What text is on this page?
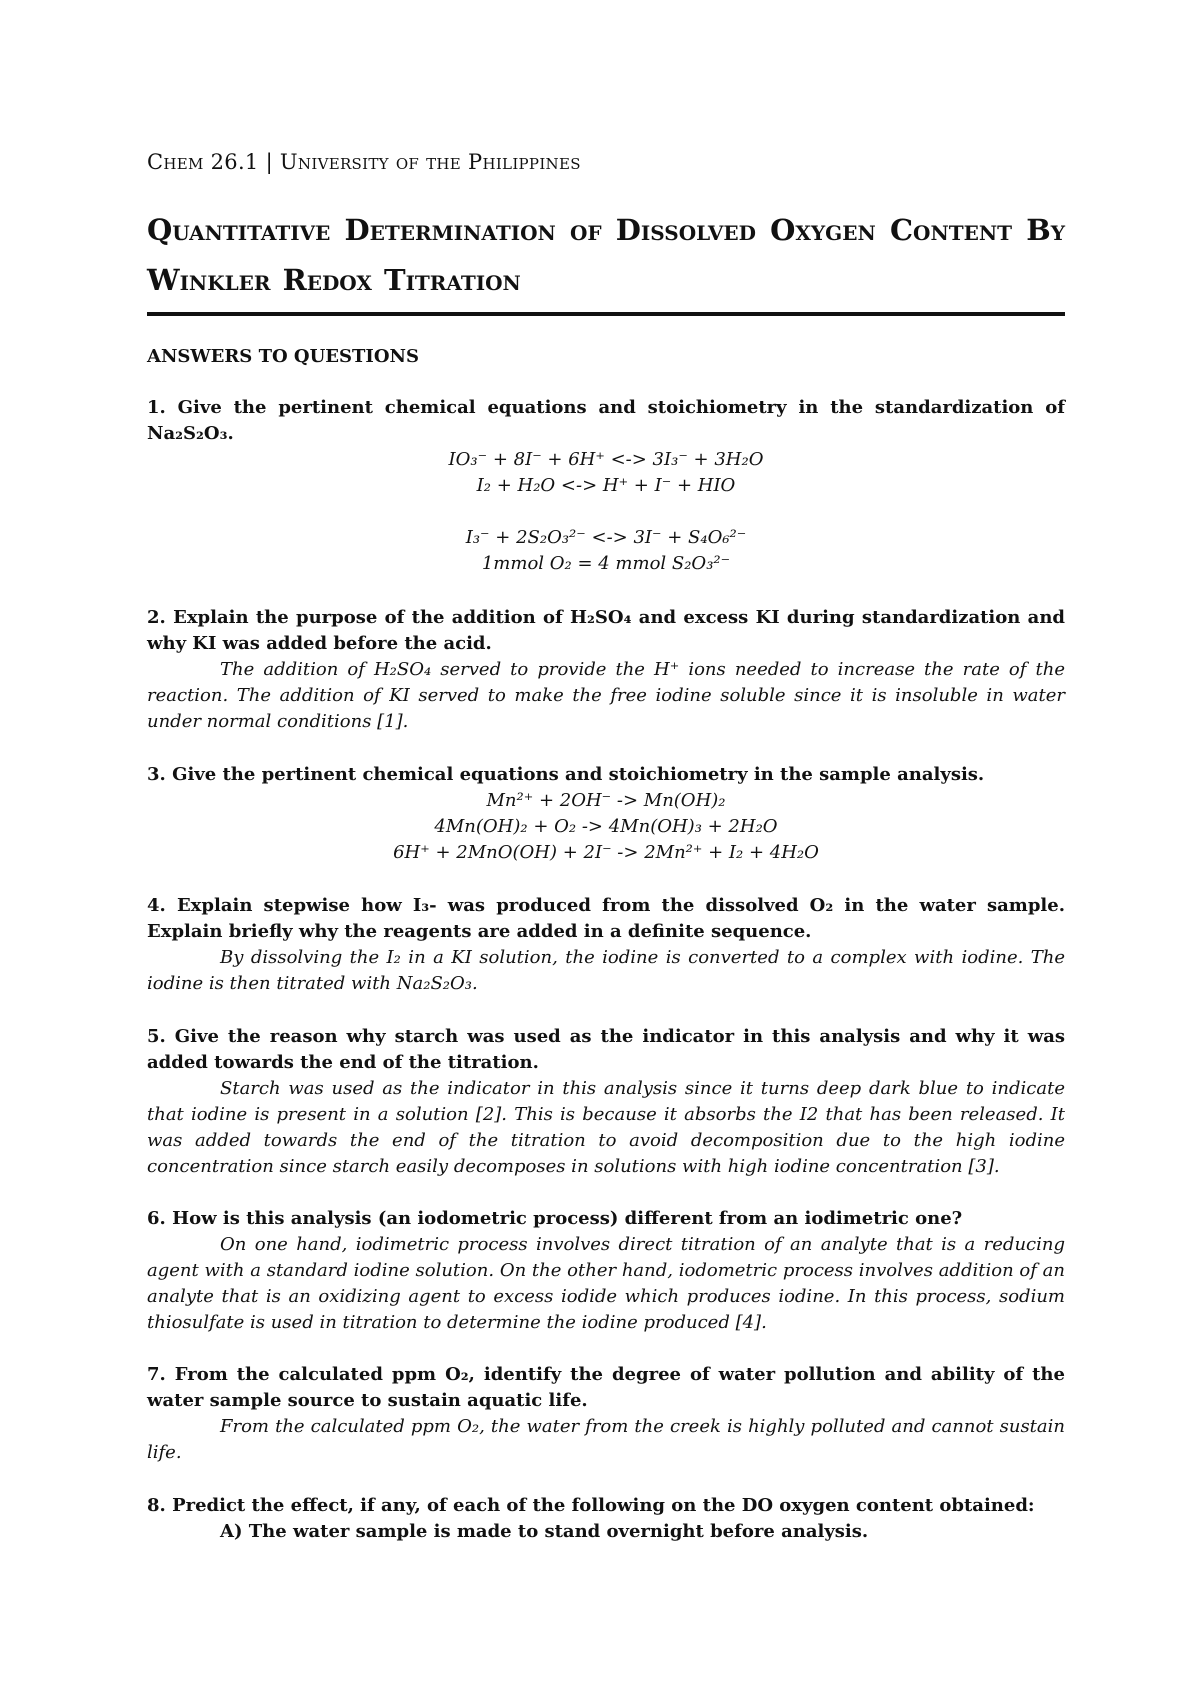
Chem 26.1 | University of the Philippines

Quantitative Determination of Dissolved Oxygen Content By Winkler Redox Titration

ANSWERS TO QUESTIONS

1. Give the pertinent chemical equations and stoichiometry in the standardization of Na₂S₂O₃.

IO₃⁻ + 8I⁻ + 6H⁺ <-> 3I₃⁻ + 3H₂O

I₂ + H₂O <-> H⁺ + I⁻ + HIO

I₃⁻ + 2S₂O₃²⁻ <-> 3I⁻ + S₄O₆²⁻

1mmol O₂ = 4 mmol S₂O₃²⁻

2. Explain the purpose of the addition of H₂SO₄ and excess KI during standardization and why KI was added before the acid.

The addition of H₂SO₄ served to provide the H⁺ ions needed to increase the rate of the reaction. The addition of KI served to make the free iodine soluble since it is insoluble in water under normal conditions [1].

3. Give the pertinent chemical equations and stoichiometry in the sample analysis.

Mn²⁺ + 2OH⁻ -> Mn(OH)₂

4Mn(OH)₂ + O₂ -> 4Mn(OH)₃ + 2H₂O

6H⁺ + 2MnO(OH) + 2I⁻ -> 2Mn²⁺ + I₂ + 4H₂O

4. Explain stepwise how I₃- was produced from the dissolved O₂ in the water sample. Explain briefly why the reagents are added in a definite sequence.

By dissolving the I₂ in a KI solution, the iodine is converted to a complex with iodine. The iodine is then titrated with Na₂S₂O₃.

5. Give the reason why starch was used as the indicator in this analysis and why it was added towards the end of the titration.

Starch was used as the indicator in this analysis since it turns deep dark blue to indicate that iodine is present in a solution [2]. This is because it absorbs the I2 that has been released. It was added towards the end of the titration to avoid decomposition due to the high iodine concentration since starch easily decomposes in solutions with high iodine concentration [3].

6. How is this analysis (an iodometric process) different from an iodimetric one?

On one hand, iodimetric process involves direct titration of an analyte that is a reducing agent with a standard iodine solution. On the other hand, iodometric process involves addition of an analyte that is an oxidizing agent to excess iodide which produces iodine. In this process, sodium thiosulfate is used in titration to determine the iodine produced [4].

7. From the calculated ppm O₂, identify the degree of water pollution and ability of the water sample source to sustain aquatic life.

From the calculated ppm O₂, the water from the creek is highly polluted and cannot sustain life.

8. Predict the effect, if any, of each of the following on the DO oxygen content obtained:

A) The water sample is made to stand overnight before analysis.
